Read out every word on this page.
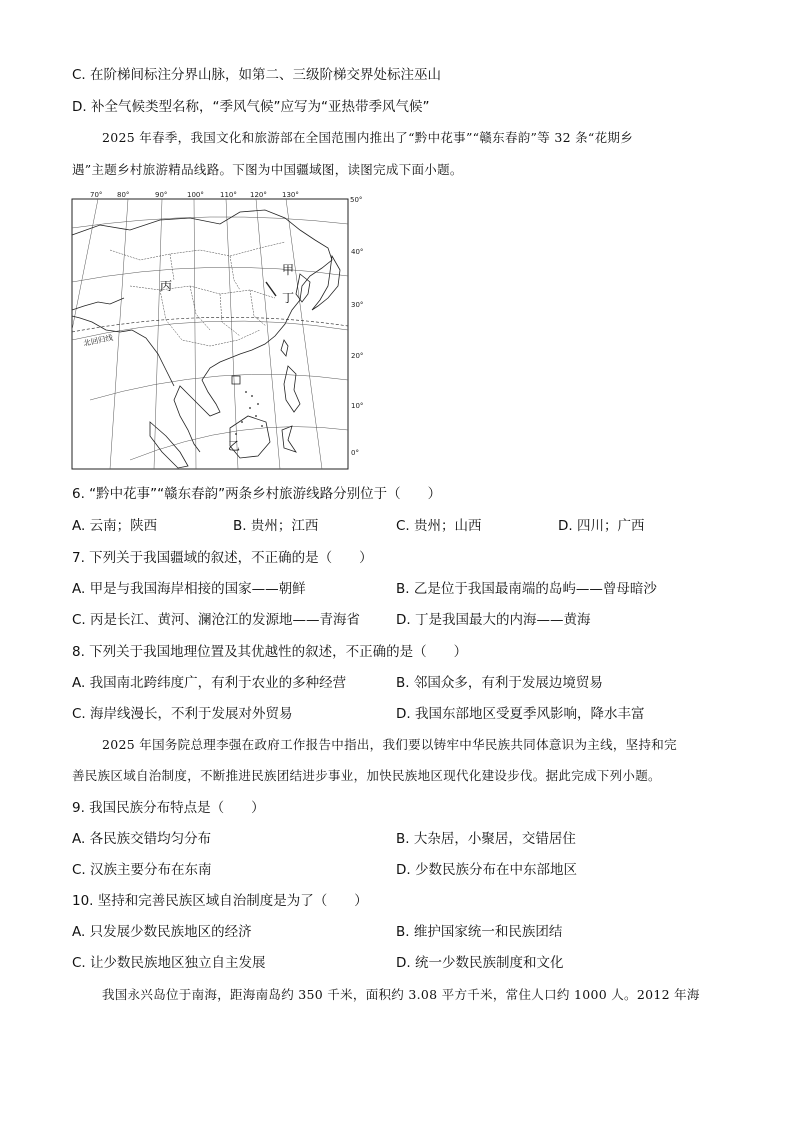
C. 在阶梯间标注分界山脉，如第二、三级阶梯交界处标注巫山
D. 补全气候类型名称，“季风气候”应写为“亚热带季风气候”
2025 年春季，我国文化和旅游部在全国范围内推出了“黔中花事”“赣东春韵”等 32 条“花期乡
遇”主题乡村旅游精品线路。下图为中国疆域图，读图完成下面小题。
70° 80°	90°	100° 110° 120° 130°
50°
40°
30°
20°
10°
0°
北回归线
丙
甲
丁
乙
6. “黔中花事”“赣东春韵”两条乡村旅游线路分别位于（　　）
A. 云南；陕西	B. 贵州；江西	C. 贵州；山西	D. 四川；广西
7. 下列关于我国疆域的叙述，不正确的是（　　）
A. 甲是与我国海岸相接的国家——朝鲜	B. 乙是位于我国最南端的岛屿——曾母暗沙
C. 丙是长江、黄河、澜沧江的发源地——青海省	D. 丁是我国最大的内海——黄海
8. 下列关于我国地理位置及其优越性的叙述，不正确的是（　　）
A. 我国南北跨纬度广，有利于农业的多种经营	B. 邻国众多，有利于发展边境贸易
C. 海岸线漫长，不利于发展对外贸易	D. 我国东部地区受夏季风影响，降水丰富
2025 年国务院总理李强在政府工作报告中指出，我们要以铸牢中华民族共同体意识为主线，坚持和完
善民族区域自治制度，不断推进民族团结进步事业，加快民族地区现代化建设步伐。据此完成下列小题。
9. 我国民族分布特点是（　　）
A. 各民族交错均匀分布	B. 大杂居，小聚居，交错居住
C. 汉族主要分布在东南	D. 少数民族分布在中东部地区
10. 坚持和完善民族区域自治制度是为了（　　）
A. 只发展少数民族地区的经济	B. 维护国家统一和民族团结
C. 让少数民族地区独立自主发展	D. 统一少数民族制度和文化
我国永兴岛位于南海，距海南岛约 350 千米，面积约 3.08 平方千米，常住人口约 1000 人。2012 年海
